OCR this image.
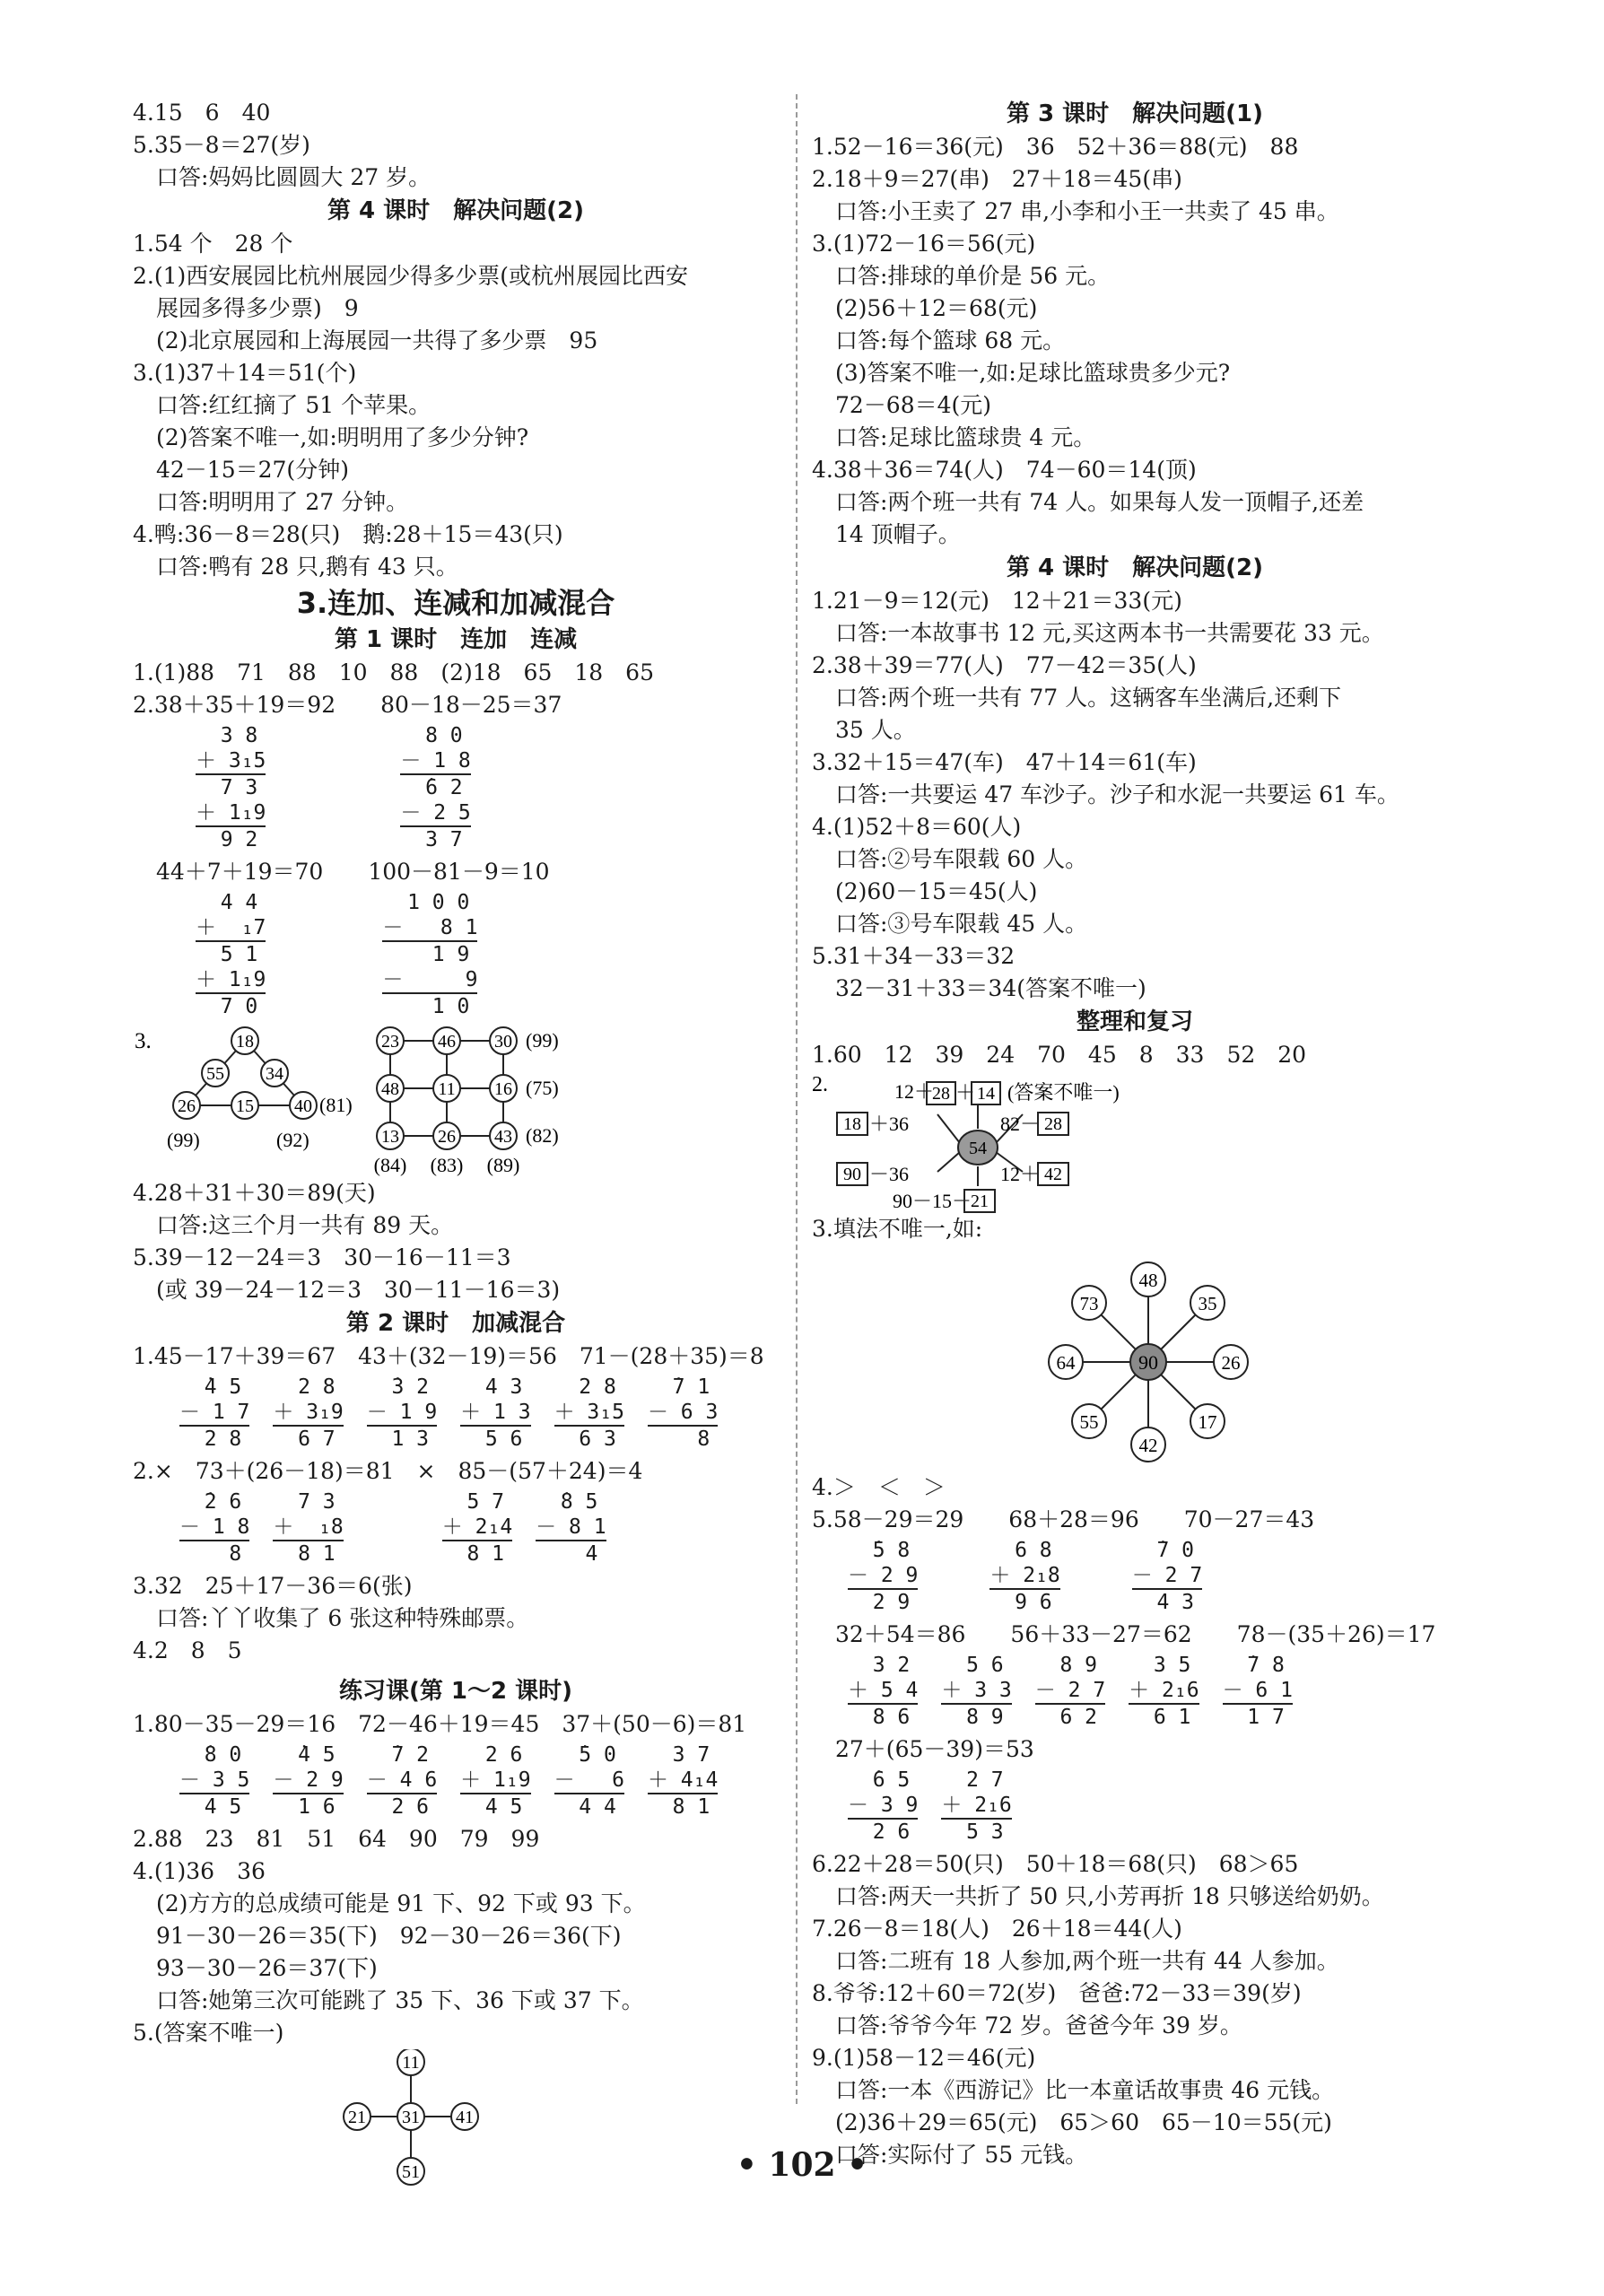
4.15　6　40
5.35－8＝27(岁)
口答:妈妈比圆圆大 27 岁。
第 4 课时　解决问题(2)
1.54 个　28 个
2.(1)西安展园比杭州展园少得多少票(或杭州展园比西安
展园多得多少票)　9
(2)北京展园和上海展园一共得了多少票　95
3.(1)37＋14＝51(个)
口答:红红摘了 51 个苹果。
(2)答案不唯一,如:明明用了多少分钟?
42－15＝27(分钟)
口答:明明用了 27 分钟。
4.鸭:36－8＝28(只)　鹅:28＋15＝43(只)
口答:鸭有 28 只,鹅有 43 只。
3.连加、连减和加减混合
第 1 课时　连加　连减
1.(1)88　71　88　10　88　(2)18　65　18　65
2.38＋35＋19＝92　　80－18－25＝37
3 8
＋ 3₁5
7 3
＋ 1₁9
9 2
8 0
－ 1 8
̇6 2
－ 2 5
3 7
44＋7＋19＝70　　100－81－9＝10
4 4
＋  ₁7
5 1
＋ 1₁9
7 0
1 0 0
－   8 1
1 9
－     9
1 0
3.	18
55 34
26 15 40 (81)
(99)	(92)
23 46 30
48 11 16
13 26 43
(99)
(75)
(82)
(84) (83) (89)
4.28＋31＋30＝89(天)
口答:这三个月一共有 89 天。
5.39－12－24＝3　30－16－11＝3
(或 39－24－12＝3　30－11－16＝3)
第 2 课时　加减混合
1.45－17＋39＝67　43＋(32－19)＝56　71－(28＋35)＝8
̇4 5
－ 1 7
2 8
2 8
＋ 3₁9
6 7
̇3 2
－ 1 9
1 3
4 3
＋ 1 3
5 6
2 8
＋ 3₁5
6 3
̇7 1
－ 6 3
8
2.×　73＋(26－18)＝81　×　85－(57＋24)＝4
̇2 6
－ 1 8
8
7 3
＋  ₁8
8 1
5 7
＋ 2₁4
8 1
̇8 5
－ 8 1
4
3.32　25＋17－36＝6(张)
口答:丫丫收集了 6 张这种特殊邮票。
4.2　8　5
练习课(第 1～2 课时)
1.80－35－29＝16　72－46＋19＝45　37＋(50－6)＝81
̇8 0
－ 3 5
4 5
̇4 5
－ 2 9
1 6
̇7 2
－ 4 6
2 6
2 6
＋ 1₁9
4 5
̇5 0
－   6
4 4
3 7
＋ 4₁4
8 1
2.88　23　81　51　64　90　79　99
4.(1)36　36
(2)方方的总成绩可能是 91 下、92 下或 93 下。
91－30－26＝35(下)　92－30－26＝36(下)
93－30－26＝37(下)
口答:她第三次可能跳了 35 下、36 下或 37 下。
5.(答案不唯一)
11
21 31 41
51
第 3 课时　解决问题(1)
1.52－16＝36(元)　36　52＋36＝88(元)　88
2.18＋9＝27(串)　27＋18＝45(串)
口答:小王卖了 27 串,小李和小王一共卖了 45 串。
3.(1)72－16＝56(元)
口答:排球的单价是 56 元。
(2)56＋12＝68(元)
口答:每个篮球 68 元。
(3)答案不唯一,如:足球比篮球贵多少元?
72－68＝4(元)
口答:足球比篮球贵 4 元。
4.38＋36＝74(人)　74－60＝14(顶)
口答:两个班一共有 74 人。如果每人发一顶帽子,还差
14 顶帽子。
第 4 课时　解决问题(2)
1.21－9＝12(元)　12＋21＝33(元)
口答:一本故事书 12 元,买这两本书一共需要花 33 元。
2.38＋39＝77(人)　77－42＝35(人)
口答:两个班一共有 77 人。这辆客车坐满后,还剩下
35 人。
3.32＋15＝47(车)　47＋14＝61(车)
口答:一共要运 47 车沙子。沙子和水泥一共要运 61 车。
4.(1)52＋8＝60(人)
口答:②号车限载 60 人。
(2)60－15＝45(人)
口答:③号车限载 45 人。
5.31＋34－33＝32
32－31＋33＝34(答案不唯一)
整理和复习
1.60　12　39　24　70　45　8　33　52　20
2.
54
12＋
28 ＋ 14 (答案不唯一)
18 ＋36	82－ 28
90 －36	12＋ 42
90－15－
21
3.填法不唯一,如:
90
48
35
26
17
42
55
64
73
4.＞　＜　＞
5.58－29＝29　　68＋28＝96　　70－27＝43
̇5 8
－ 2 9
2 9
6 8
＋ 2₁8
9 6
̇7 0
－ 2 7
4 3
32＋54＝86　　56＋33－27＝62　　78－(35＋26)＝17
3 2
＋ 5 4
8 6
5 6
＋ 3 3
8 9
8 9
－ 2 7
6 2
3 5
＋ 2₁6
6 1
̇7 8
－ 6 1
1 7
27＋(65－39)＝53
̇6 5
－ 3 9
2 6
2 7
＋ 2₁6
5 3
6.22＋28＝50(只)　50＋18＝68(只)　68＞65
口答:两天一共折了 50 只,小芳再折 18 只够送给奶奶。
7.26－8＝18(人)　26＋18＝44(人)
口答:二班有 18 人参加,两个班一共有 44 人参加。
8.爷爷:12＋60＝72(岁)　爸爸:72－33＝39(岁)
口答:爷爷今年 72 岁。爸爸今年 39 岁。
9.(1)58－12＝46(元)
口答:一本《西游记》比一本童话故事贵 46 元钱。
(2)36＋29＝65(元)　65＞60　65－10＝55(元)
口答:实际付了 55 元钱。
• 102 •
